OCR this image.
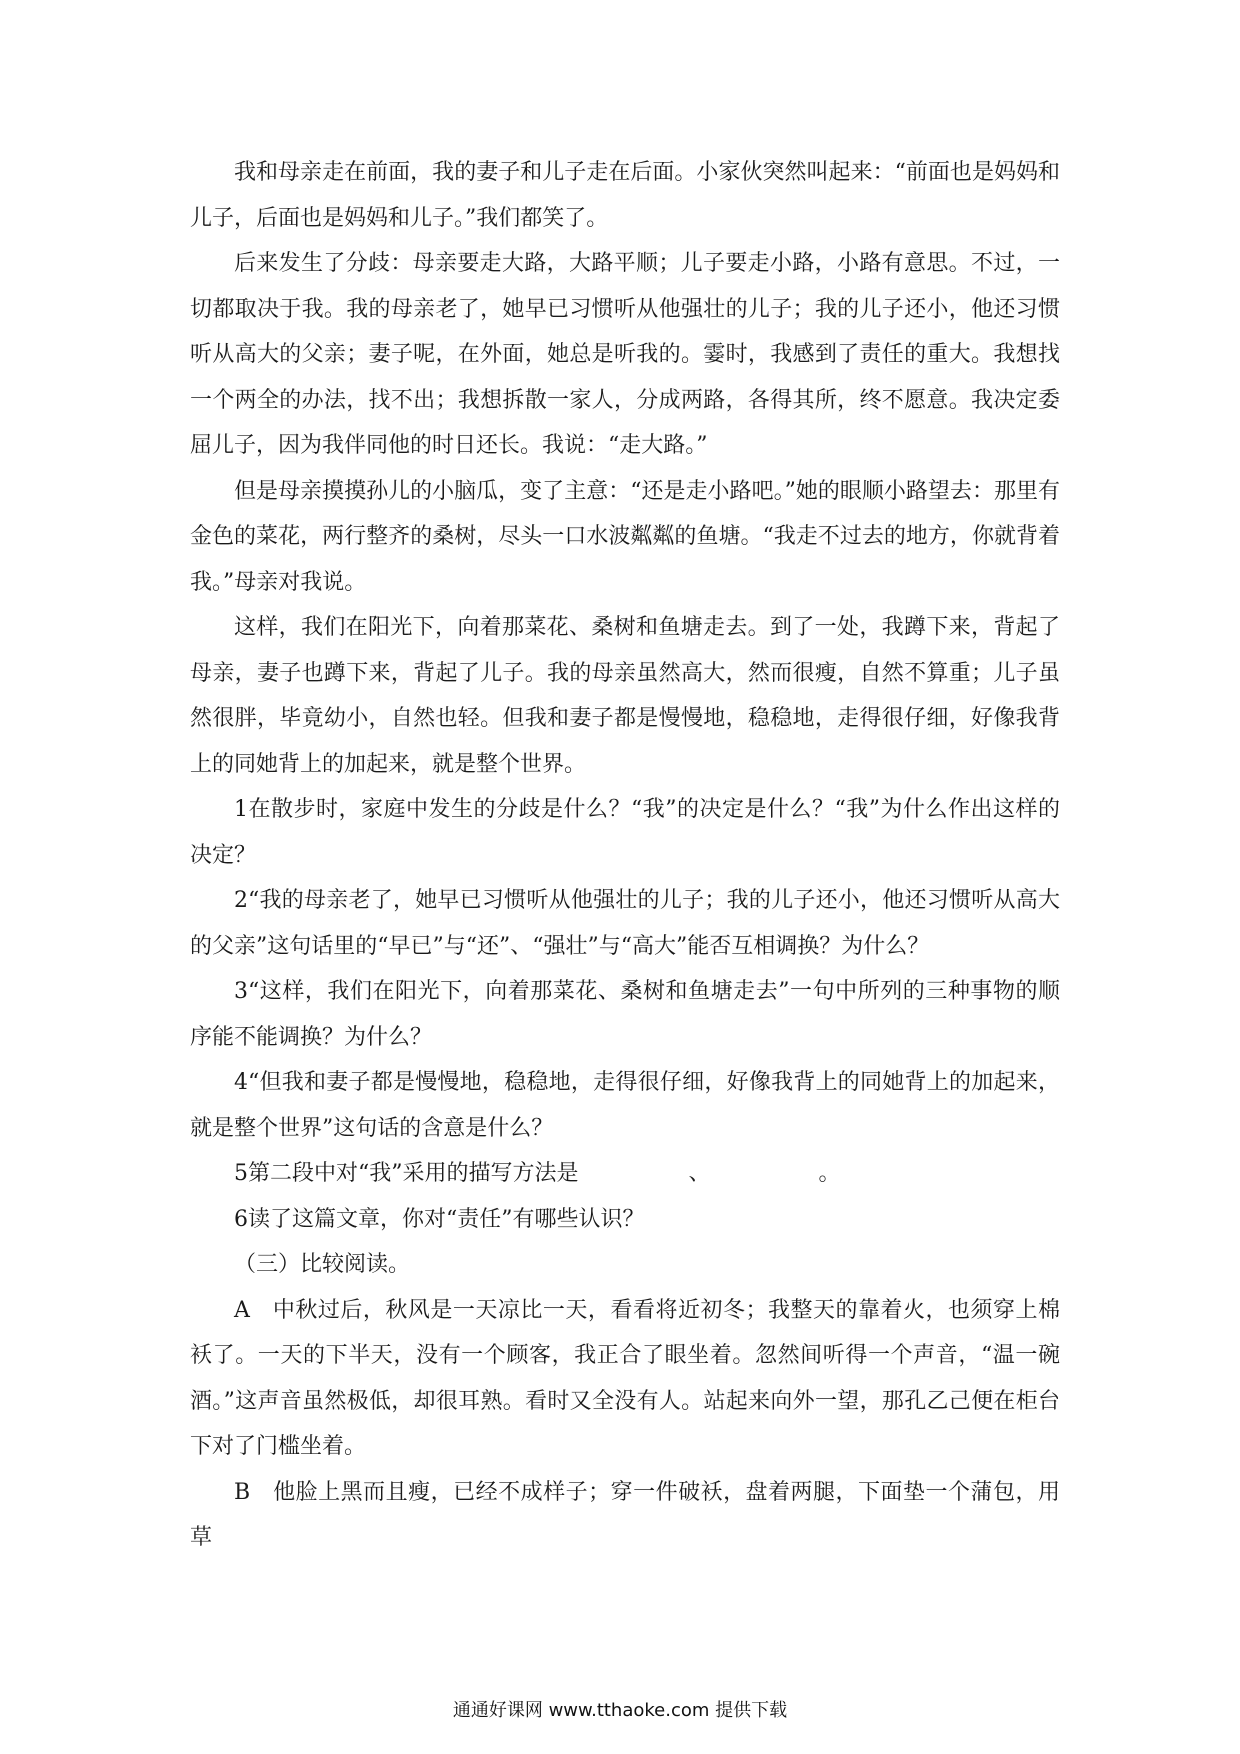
我和母亲走在前面，我的妻子和儿子走在后面。小家伙突然叫起来：“前面也是妈妈和儿子，后面也是妈妈和儿子。”我们都笑了。

后来发生了分歧：母亲要走大路，大路平顺；儿子要走小路，小路有意思。不过，一切都取决于我。我的母亲老了，她早已习惯听从他强壮的儿子；我的儿子还小，他还习惯听从高大的父亲；妻子呢，在外面，她总是听我的。霎时，我感到了责任的重大。我想找一个两全的办法，找不出；我想拆散一家人，分成两路，各得其所，终不愿意。我决定委屈儿子，因为我伴同他的时日还长。我说：“走大路。”

但是母亲摸摸孙儿的小脑瓜，变了主意：“还是走小路吧。”她的眼顺小路望去：那里有金色的菜花，两行整齐的桑树，尽头一口水波粼粼的鱼塘。“我走不过去的地方，你就背着我。”母亲对我说。

这样，我们在阳光下，向着那菜花、桑树和鱼塘走去。到了一处，我蹲下来，背起了母亲，妻子也蹲下来，背起了儿子。我的母亲虽然高大，然而很瘦，自然不算重；儿子虽然很胖，毕竟幼小，自然也轻。但我和妻子都是慢慢地，稳稳地，走得很仔细，好像我背上的同她背上的加起来，就是整个世界。

1在散步时，家庭中发生的分歧是什么？“我”的决定是什么？“我”为什么作出这样的决定？

2“我的母亲老了，她早已习惯听从他强壮的儿子；我的儿子还小，他还习惯听从高大的父亲”这句话里的“早已”与“还”、“强壮”与“高大”能否互相调换？为什么？

3“这样，我们在阳光下，向着那菜花、桑树和鱼塘走去”一句中所列的三种事物的顺序能不能调换？为什么？

4“但我和妻子都是慢慢地，稳稳地，走得很仔细，好像我背上的同她背上的加起来，就是整个世界”这句话的含意是什么？

5第二段中对“我”采用的描写方法是	、	。

6读了这篇文章，你对“责任”有哪些认识？

（三）比较阅读。

A　中秋过后，秋风是一天凉比一天，看看将近初冬；我整天的靠着火，也须穿上棉袄了。一天的下半天，没有一个顾客，我正合了眼坐着。忽然间听得一个声音，“温一碗酒。”这声音虽然极低，却很耳熟。看时又全没有人。站起来向外一望，那孔乙己便在柜台下对了门槛坐着。

B　他脸上黑而且瘦，已经不成样子；穿一件破袄，盘着两腿，下面垫一个蒲包，用草

通通好课网 www.tthaoke.com 提供下载
